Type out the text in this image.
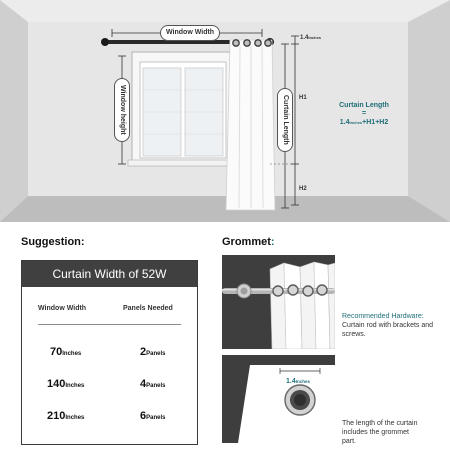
Window Width
Window height	Curtain Length
1.4Inches
H1
H2
Curtain Length
=
1.4Inches+H1+H2
Suggestion:
Curtain Width of 52W
Window Width	Panels Needed
70Inches	2Panels
140Inches	4Panels
210Inches	6Panels
Grommet:
Recommended Hardware:
Curtain rod with brackets and screws.
1.4Inches
The length of the curtain includes the grommet part.
